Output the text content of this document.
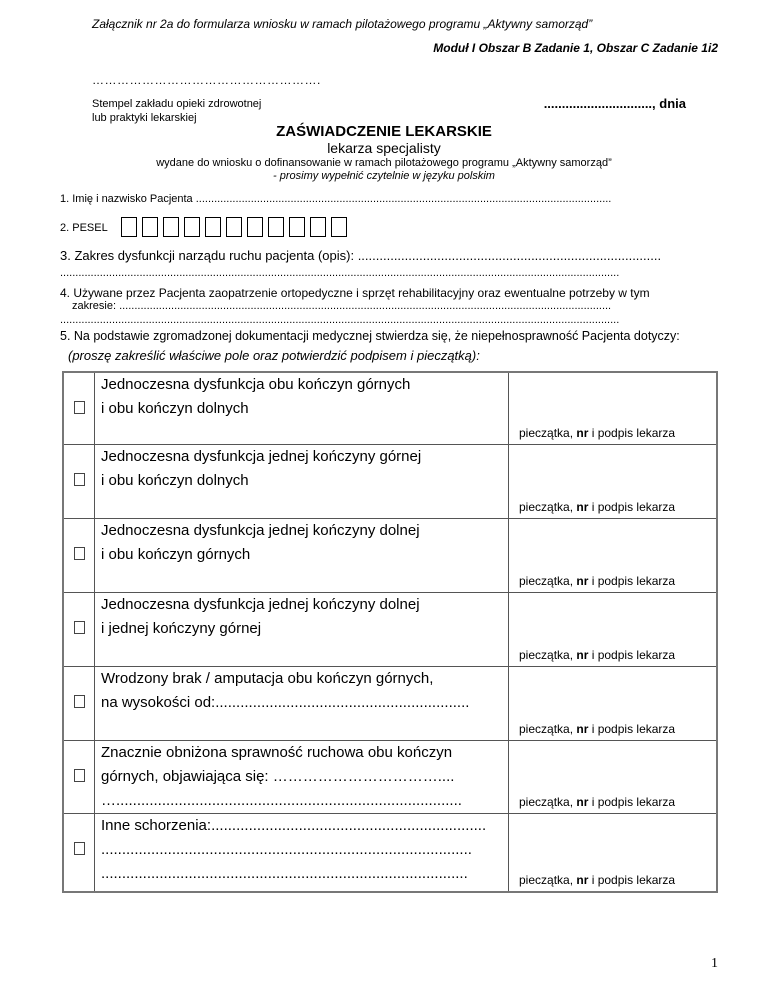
Załącznik nr 2a do formularza wniosku w ramach pilotażowego programu „Aktywny samorząd”
Moduł I Obszar B Zadanie 1, Obszar C Zadanie 1i2
……………………………………………….
Stempel zakładu opieki zdrowotnej
lub praktyki lekarskiej
.............................., dnia
ZAŚWIADCZENIE LEKARSKIE
lekarza specjalisty
wydane do wniosku o dofinansowanie w ramach pilotażowego programu „Aktywny samorząd”
- prosimy wypełnić czytelnie w języku polskim
1. Imię i nazwisko Pacjenta ........................................................................................................................................
2. PESEL
3. Zakres dysfunkcji narządu ruchu pacjenta (opis): ....................................................................................
.......................................................................................................................................................................................
4. Używane przez Pacjenta zaopatrzenie ortopedyczne i sprzęt rehabilitacyjny oraz ewentualne potrzeby w tym
zakresie: .................................................................................................................................................................
.......................................................................................................................................................................................
5. Na podstawie zgromadzonej dokumentacji medycznej stwierdza się, że niepełnosprawność Pacjenta dotyczy:
(proszę zakreślić właściwe pole oraz potwierdzić podpisem i pieczątką):

	Jednoczesna dysfunkcja obu kończyn górnych
i obu kończyn dolnych	pieczątka, nr i podpis lekarza

	Jednoczesna dysfunkcja jednej kończyny górnej
i obu kończyn dolnych	pieczątka, nr i podpis lekarza

	Jednoczesna dysfunkcja jednej kończyny dolnej
i obu kończyn górnych	pieczątka, nr i podpis lekarza

	Jednoczesna dysfunkcja jednej kończyny dolnej
i jednej kończyny górnej	pieczątka, nr i podpis lekarza

	Wrodzony brak / amputacja obu kończyn górnych,
na wysokości od:.............................................................	pieczątka, nr i podpis lekarza

	Znacznie obniżona sprawność ruchowa obu kończyn
górnych, objawiająca się: ……………………………....
…...................................................................................	pieczątka, nr i podpis lekarza

	Inne schorzenia:..................................................................
.........................................................................................
........................................................................................	pieczątka, nr i podpis lekarza
1
